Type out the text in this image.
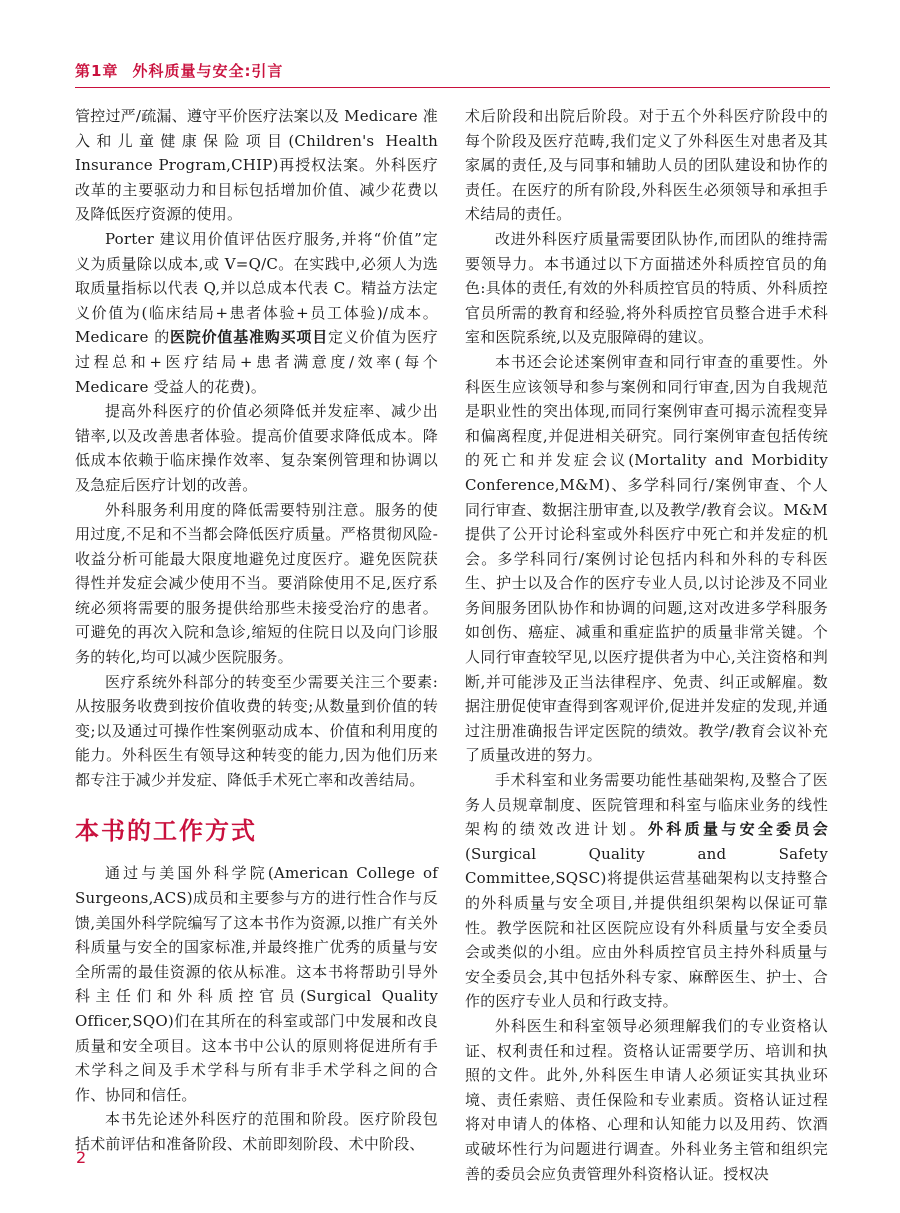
第1章 外科质量与安全:引言

管控过严/疏漏、遵守平价医疗法案以及 Medicare 准入和儿童健康保险项目(Children's Health Insurance Program,CHIP)再授权法案。外科医疗改革的主要驱动力和目标包括增加价值、减少花费以及降低医疗资源的使用。

Porter 建议用价值评估医疗服务,并将“价值”定义为质量除以成本,或 V=Q/C。在实践中,必须人为选取质量指标以代表 Q,并以总成本代表 C。精益方法定义价值为(临床结局+患者体验+员工体验)/成本。Medicare 的医院价值基准购买项目定义价值为医疗过程总和+医疗结局+患者满意度/效率(每个 Medicare 受益人的花费)。

提高外科医疗的价值必须降低并发症率、减少出错率,以及改善患者体验。提高价值要求降低成本。降低成本依赖于临床操作效率、复杂案例管理和协调以及急症后医疗计划的改善。

外科服务利用度的降低需要特别注意。服务的使用过度,不足和不当都会降低医疗质量。严格贯彻风险-收益分析可能最大限度地避免过度医疗。避免医院获得性并发症会减少使用不当。要消除使用不足,医疗系统必须将需要的服务提供给那些未接受治疗的患者。可避免的再次入院和急诊,缩短的住院日以及向门诊服务的转化,均可以减少医院服务。

医疗系统外科部分的转变至少需要关注三个要素:从按服务收费到按价值收费的转变;从数量到价值的转变;以及通过可操作性案例驱动成本、价值和利用度的能力。外科医生有领导这种转变的能力,因为他们历来都专注于减少并发症、降低手术死亡率和改善结局。

本书的工作方式

通过与美国外科学院(American College of Surgeons,ACS)成员和主要参与方的进行性合作与反馈,美国外科学院编写了这本书作为资源,以推广有关外科质量与安全的国家标准,并最终推广优秀的质量与安全所需的最佳资源的依从标准。这本书将帮助引导外科主任们和外科质控官员(Surgical Quality Officer,SQO)们在其所在的科室或部门中发展和改良质量和安全项目。这本书中公认的原则将促进所有手术学科之间及手术学科与所有非手术学科之间的合作、协同和信任。

本书先论述外科医疗的范围和阶段。医疗阶段包括术前评估和准备阶段、术前即刻阶段、术中阶段、

术后阶段和出院后阶段。对于五个外科医疗阶段中的每个阶段及医疗范畴,我们定义了外科医生对患者及其家属的责任,及与同事和辅助人员的团队建设和协作的责任。在医疗的所有阶段,外科医生必须领导和承担手术结局的责任。

改进外科医疗质量需要团队协作,而团队的维持需要领导力。本书通过以下方面描述外科质控官员的角色:具体的责任,有效的外科质控官员的特质、外科质控官员所需的教育和经验,将外科质控官员整合进手术科室和医院系统,以及克服障碍的建议。

本书还会论述案例审查和同行审查的重要性。外科医生应该领导和参与案例和同行审查,因为自我规范是职业性的突出体现,而同行案例审查可揭示流程变异和偏离程度,并促进相关研究。同行案例审查包括传统的死亡和并发症会议(Mortality and Morbidity Conference,M&M)、多学科同行/案例审查、个人同行审查、数据注册审查,以及教学/教育会议。M&M 提供了公开讨论科室或外科医疗中死亡和并发症的机会。多学科同行/案例讨论包括内科和外科的专科医生、护士以及合作的医疗专业人员,以讨论涉及不同业务间服务团队协作和协调的问题,这对改进多学科服务如创伤、癌症、减重和重症监护的质量非常关键。个人同行审查较罕见,以医疗提供者为中心,关注资格和判断,并可能涉及正当法律程序、免责、纠正或解雇。数据注册促使审查得到客观评价,促进并发症的发现,并通过注册准确报告评定医院的绩效。教学/教育会议补充了质量改进的努力。

手术科室和业务需要功能性基础架构,及整合了医务人员规章制度、医院管理和科室与临床业务的线性架构的绩效改进计划。外科质量与安全委员会(Surgical Quality and Safety Committee,SQSC)将提供运营基础架构以支持整合的外科质量与安全项目,并提供组织架构以保证可靠性。教学医院和社区医院应设有外科质量与安全委员会或类似的小组。应由外科质控官员主持外科质量与安全委员会,其中包括外科专家、麻醉医生、护士、合作的医疗专业人员和行政支持。

外科医生和科室领导必须理解我们的专业资格认证、权利责任和过程。资格认证需要学历、培训和执照的文件。此外,外科医生申请人必须证实其执业环境、责任索赔、责任保险和专业素质。资格认证过程将对申请人的体格、心理和认知能力以及用药、饮酒或破坏性行为问题进行调查。外科业务主管和组织完善的委员会应负责管理外科资格认证。授权决

2
